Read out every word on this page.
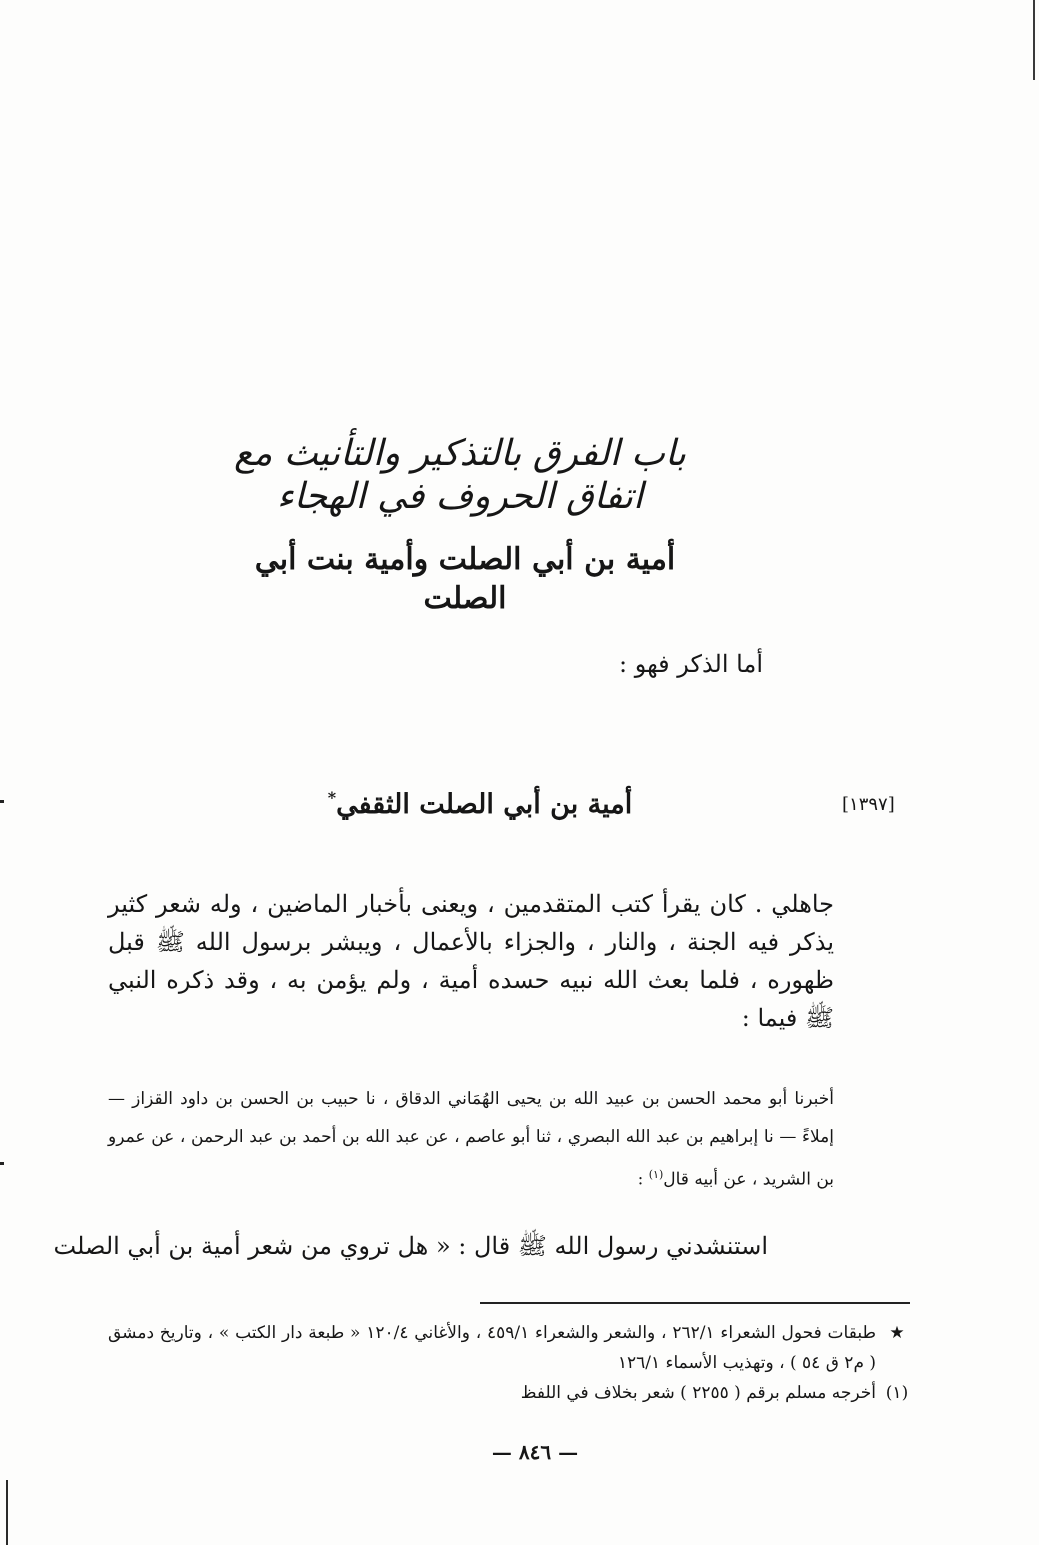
باب الفرق بالتذكير والتأنيث مع اتفاق الحروف في الهجاء
أمية بن أبي الصلت وأمية بنت أبي الصلت
أما الذكر فهو :
[١٣٩٧]
أمية بن أبي الصلت الثقفي*

جاهلي . كان يقرأ كتب المتقدمين ، ويعنى بأخبار الماضين ، وله شعر كثير يذكر فيه الجنة ، والنار ، والجزاء بالأعمال ، ويبشر برسول الله ﷺ قبل ظهوره ، فلما بعث الله نبيه حسده أمية ، ولم يؤمن به ، وقد ذكره النبي ﷺ فيما :

أخبرنا أبو محمد الحسن بن عبيد الله بن يحيى الهُمَاني الدقاق ، نا حبيب بن الحسن بن داود القزاز — إملاءً — نا إبراهيم بن عبد الله البصري ، ثنا أبو عاصم ، عن عبد الله بن أحمد بن عبد الرحمن ، عن عمرو بن الشريد ، عن أبيه قال$^{(١)}$ :

استنشدني رسول الله ﷺ قال : « هل تروي من شعر أمية بن أبي الصلت
★
طبقات فحول الشعراء ٢٦٢/١ ، والشعر والشعراء ٤٥٩/١ ، والأغاني ١٢٠/٤ « طبعة دار الكتب » ، وتاريخ دمشق ( م٢ ق ٥٤ ) ، وتهذيب الأسماء ١٢٦/١
(١)
أخرجه مسلم برقم ( ٢٢٥٥ ) شعر بخلاف في اللفظ
— ٨٤٦ —
